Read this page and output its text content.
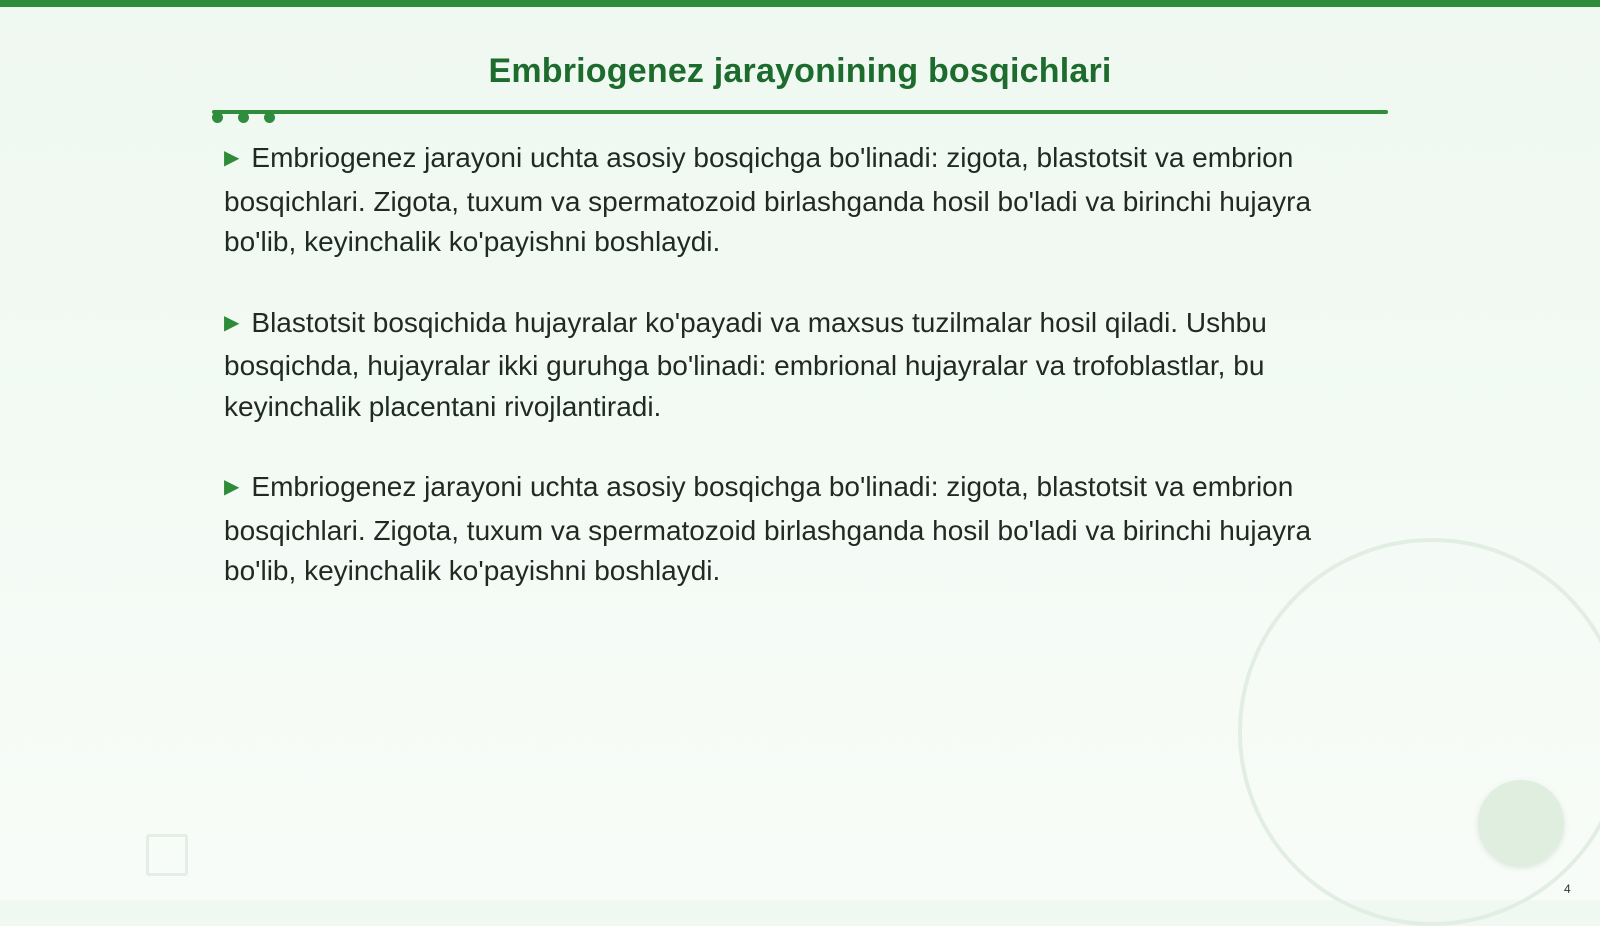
Embriogenez jarayonining bosqichlari

▶ Embriogenez jarayoni uchta asosiy bosqichga bo'linadi: zigota, blastotsit va embrion bosqichlari. Zigota, tuxum va spermatozoid birlashganda hosil bo'ladi va birinchi hujayra bo'lib, keyinchalik ko'payishni boshlaydi.

▶ Blastotsit bosqichida hujayralar ko'payadi va maxsus tuzilmalar hosil qiladi. Ushbu bosqichda, hujayralar ikki guruhga bo'linadi: embrional hujayralar va trofoblastlar, bu keyinchalik placentani rivojlantiradi.

▶ Embriogenez jarayoni uchta asosiy bosqichga bo'linadi: zigota, blastotsit va embrion bosqichlari. Zigota, tuxum va spermatozoid birlashganda hosil bo'ladi va birinchi hujayra bo'lib, keyinchalik ko'payishni boshlaydi.

4
